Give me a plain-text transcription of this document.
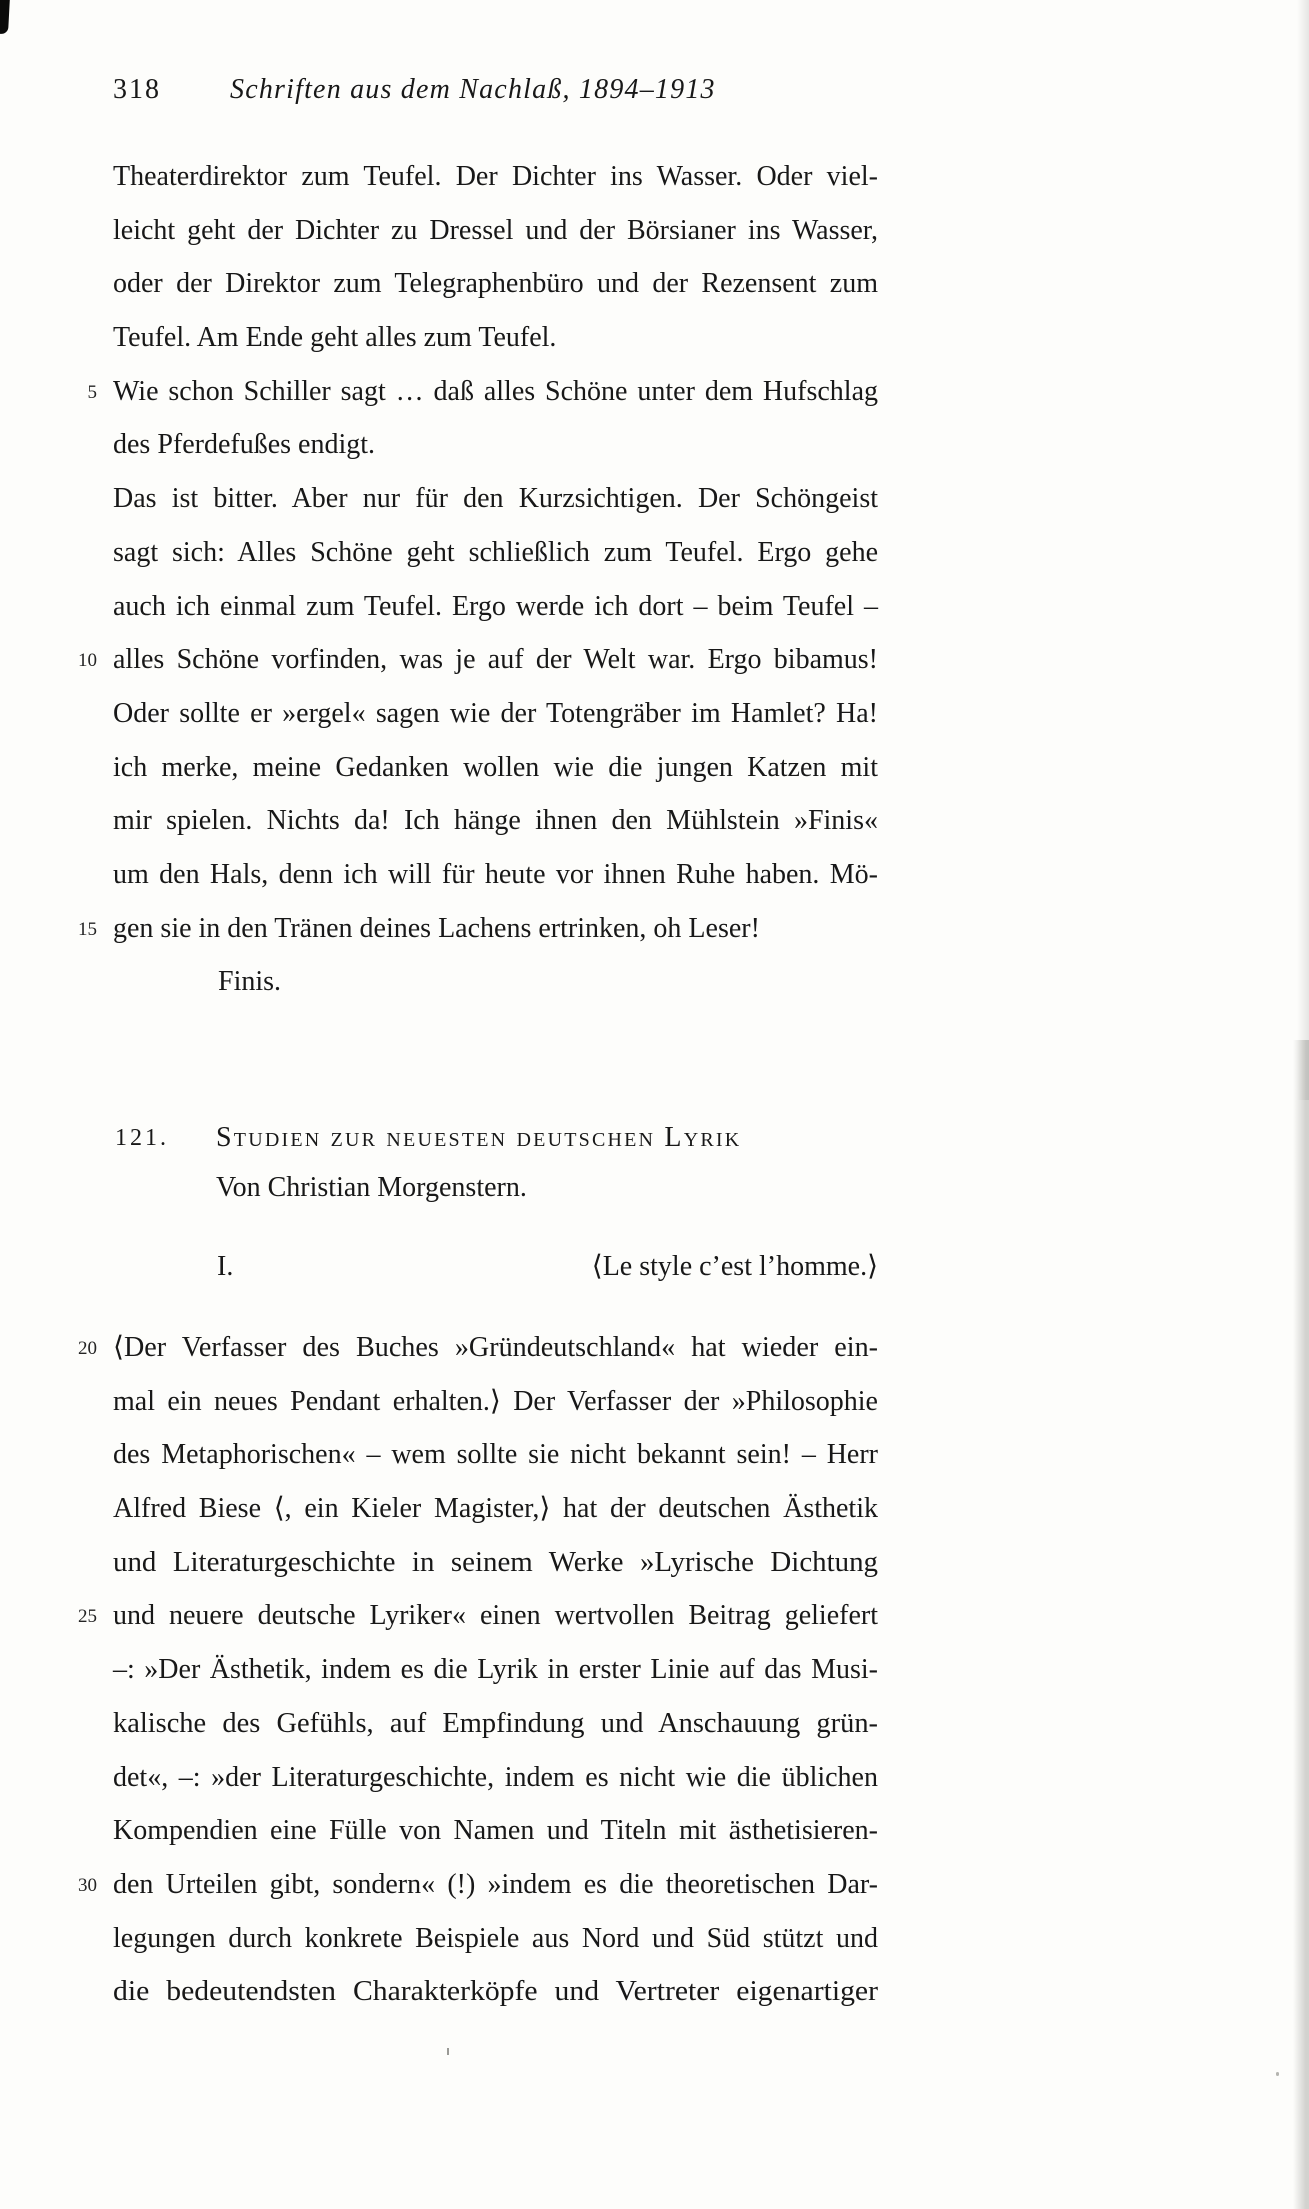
318 Schriften aus dem Nachlaß, 1894–1913
Theaterdirektor zum Teufel. Der Dichter ins Wasser. Oder viel-
leicht geht der Dichter zu Dressel und der Börsianer ins Wasser,
oder der Direktor zum Telegraphenbüro und der Rezensent zum
Teufel. Am Ende geht alles zum Teufel.
5 Wie schon Schiller sagt … daß alles Schöne unter dem Hufschlag
des Pferdefußes endigt.
Das ist bitter. Aber nur für den Kurzsichtigen. Der Schöngeist
sagt sich: Alles Schöne geht schließlich zum Teufel. Ergo gehe
auch ich einmal zum Teufel. Ergo werde ich dort – beim Teufel –
10 alles Schöne vorfinden, was je auf der Welt war. Ergo bibamus!
Oder sollte er »ergel« sagen wie der Totengräber im Hamlet? Ha!
ich merke, meine Gedanken wollen wie die jungen Katzen mit
mir spielen. Nichts da! Ich hänge ihnen den Mühlstein »Finis«
um den Hals, denn ich will für heute vor ihnen Ruhe haben. Mö-
15 gen sie in den Tränen deines Lachens ertrinken, oh Leser!
Finis.
121. Studien zur neuesten deutschen Lyrik
Von Christian Morgenstern.
I.	⟨Le style c’est l’homme.⟩
20 ⟨Der Verfasser des Buches »Gründeutschland« hat wieder ein-
mal ein neues Pendant erhalten.⟩ Der Verfasser der »Philosophie
des Metaphorischen« – wem sollte sie nicht bekannt sein! – Herr
Alfred Biese ⟨, ein Kieler Magister,⟩ hat der deutschen Ästhetik
und Literaturgeschichte in seinem Werke »Lyrische Dichtung
25 und neuere deutsche Lyriker« einen wertvollen Beitrag geliefert
–: »Der Ästhetik, indem es die Lyrik in erster Linie auf das Musi-
kalische des Gefühls, auf Empfindung und Anschauung grün-
det«, –: »der Literaturgeschichte, indem es nicht wie die üblichen
Kompendien eine Fülle von Namen und Titeln mit ästhetisieren-
30 den Urteilen gibt, sondern« (!) »indem es die theoretischen Dar-
legungen durch konkrete Beispiele aus Nord und Süd stützt und
die bedeutendsten Charakterköpfe und Vertreter eigenartiger
